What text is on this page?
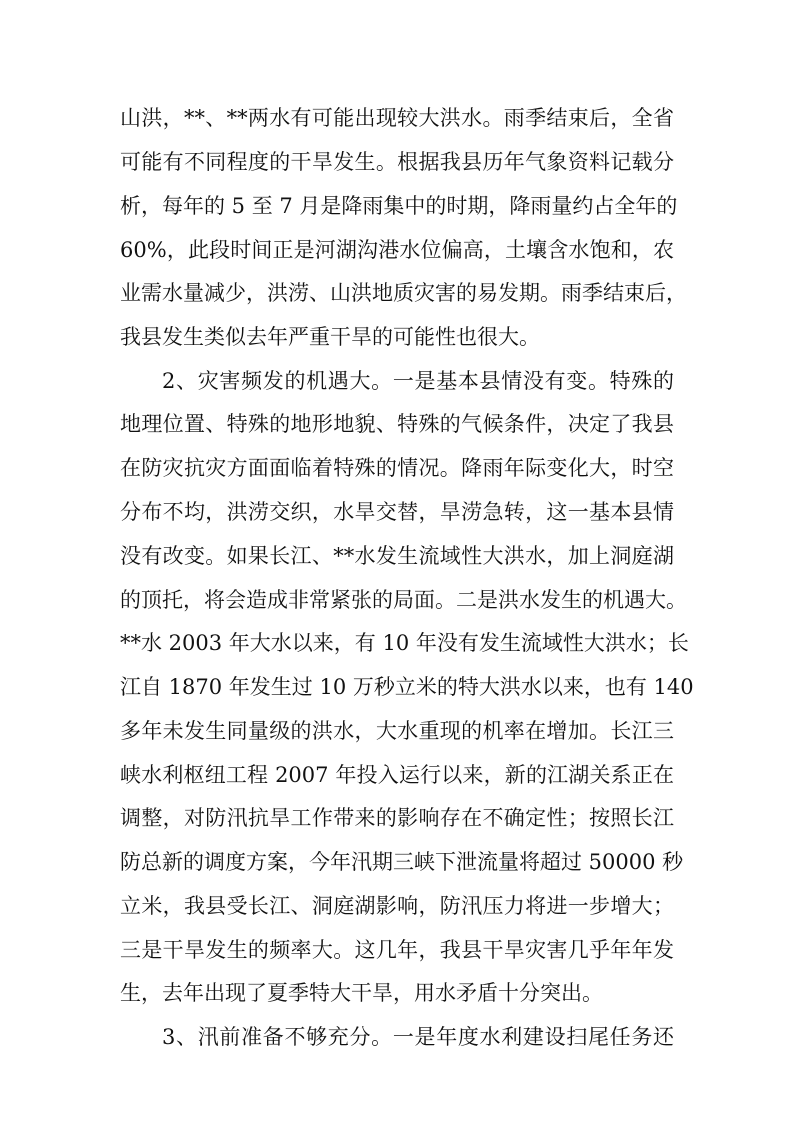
山洪，**、**两水有可能出现较大洪水。雨季结束后，全省
可能有不同程度的干旱发生。根据我县历年气象资料记载分
析，每年的 5 至 7 月是降雨集中的时期，降雨量约占全年的
60%，此段时间正是河湖沟港水位偏高，土壤含水饱和，农
业需水量减少，洪涝、山洪地质灾害的易发期。雨季结束后，
我县发生类似去年严重干旱的可能性也很大。
2、灾害频发的机遇大。一是基本县情没有变。特殊的
地理位置、特殊的地形地貌、特殊的气候条件，决定了我县
在防灾抗灾方面面临着特殊的情况。降雨年际变化大，时空
分布不均，洪涝交织，水旱交替，旱涝急转，这一基本县情
没有改变。如果长江、**水发生流域性大洪水，加上洞庭湖
的顶托，将会造成非常紧张的局面。二是洪水发生的机遇大。
**水 2003 年大水以来，有 10 年没有发生流域性大洪水；长
江自 1870 年发生过 10 万秒立米的特大洪水以来，也有 140
多年未发生同量级的洪水，大水重现的机率在增加。长江三
峡水利枢纽工程 2007 年投入运行以来，新的江湖关系正在
调整，对防汛抗旱工作带来的影响存在不确定性；按照长江
防总新的调度方案，今年汛期三峡下泄流量将超过 50000 秒
立米，我县受长江、洞庭湖影响，防汛压力将进一步增大；
三是干旱发生的频率大。这几年，我县干旱灾害几乎年年发
生，去年出现了夏季特大干旱，用水矛盾十分突出。
3、汛前准备不够充分。一是年度水利建设扫尾任务还
